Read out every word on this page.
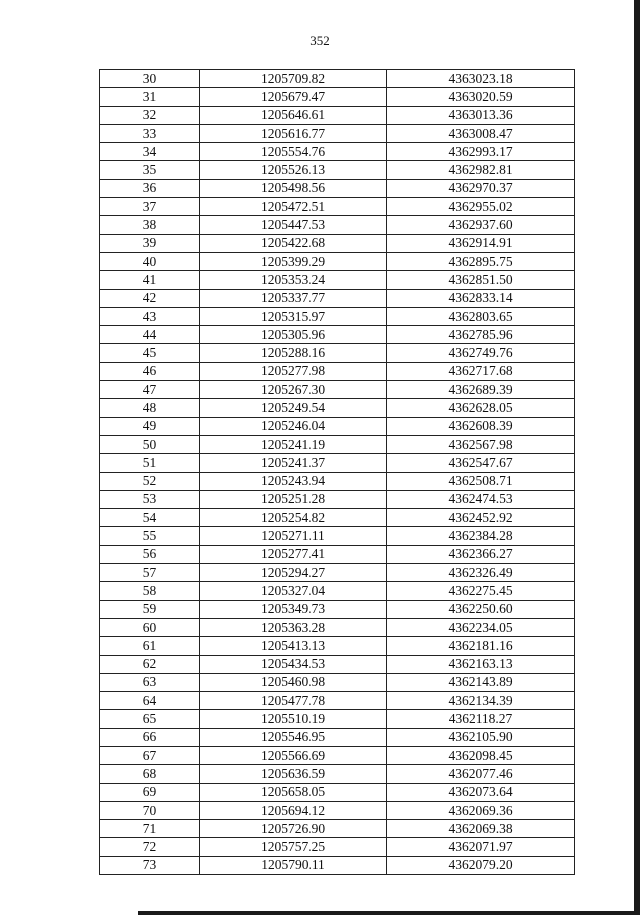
352
30	1205709.82	4363023.18
31	1205679.47	4363020.59
32	1205646.61	4363013.36
33	1205616.77	4363008.47
34	1205554.76	4362993.17
35	1205526.13	4362982.81
36	1205498.56	4362970.37
37	1205472.51	4362955.02
38	1205447.53	4362937.60
39	1205422.68	4362914.91
40	1205399.29	4362895.75
41	1205353.24	4362851.50
42	1205337.77	4362833.14
43	1205315.97	4362803.65
44	1205305.96	4362785.96
45	1205288.16	4362749.76
46	1205277.98	4362717.68
47	1205267.30	4362689.39
48	1205249.54	4362628.05
49	1205246.04	4362608.39
50	1205241.19	4362567.98
51	1205241.37	4362547.67
52	1205243.94	4362508.71
53	1205251.28	4362474.53
54	1205254.82	4362452.92
55	1205271.11	4362384.28
56	1205277.41	4362366.27
57	1205294.27	4362326.49
58	1205327.04	4362275.45
59	1205349.73	4362250.60
60	1205363.28	4362234.05
61	1205413.13	4362181.16
62	1205434.53	4362163.13
63	1205460.98	4362143.89
64	1205477.78	4362134.39
65	1205510.19	4362118.27
66	1205546.95	4362105.90
67	1205566.69	4362098.45
68	1205636.59	4362077.46
69	1205658.05	4362073.64
70	1205694.12	4362069.36
71	1205726.90	4362069.38
72	1205757.25	4362071.97
73	1205790.11	4362079.20
